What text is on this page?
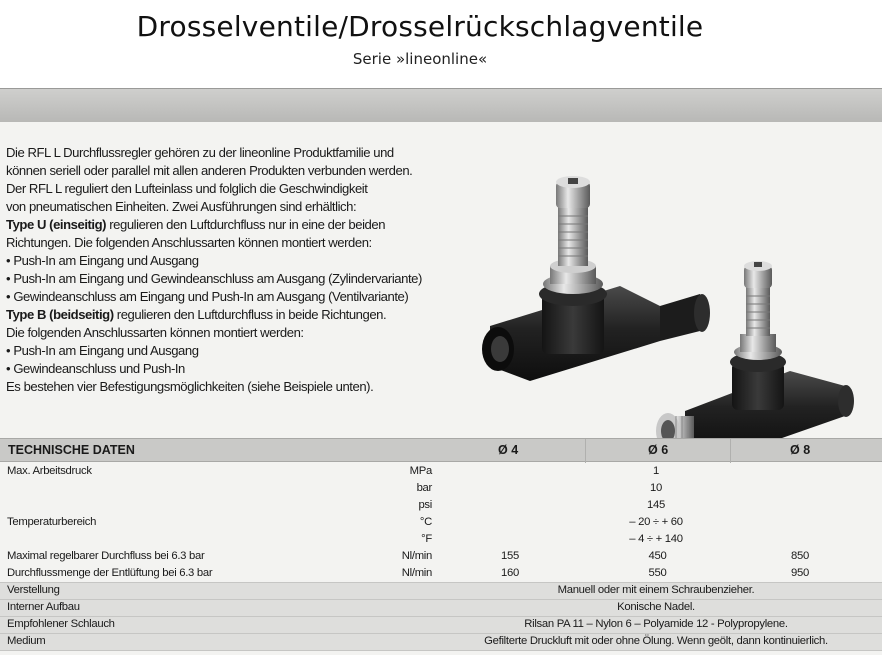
Drosselventile/Drosselrückschlagventile
Serie »lineonline«
Die RFL L Durchflussregler gehören zu der lineonline Produktfamilie und
können seriell oder parallel mit allen anderen Produkten verbunden werden.
Der RFL L reguliert den Lufteinlass und folglich die Geschwindigkeit
von pneumatischen Einheiten. Zwei Ausführungen sind erhältlich:
Type U (einseitig) regulieren den Luftdurchfluss nur in eine der beiden
Richtungen. Die folgenden Anschlussarten können montiert werden:
• Push-In am Eingang und Ausgang
• Push-In am Eingang und Gewindeanschluss am Ausgang (Zylindervariante)
• Gewindeanschluss am Eingang und Push-In am Ausgang (Ventilvariante)
Type B (beidseitig) regulieren den Luftdurchfluss in beide Richtungen.
Die folgenden Anschlussarten können montiert werden:
• Push-In am Eingang und Ausgang
• Gewindeanschluss und Push-In
Es bestehen vier Befestigungsmöglichkeiten (siehe Beispiele unten).
TECHNISCHE DATEN	Ø 4	Ø 6	Ø 8
Max. Arbeitsdruck	MPa	1
bar	10
psi	145
Temperaturbereich	°C	– 20 ÷ + 60
°F	– 4 ÷ + 140
Maximal regelbarer Durchfluss bei 6.3 bar	Nl/min	155	450	850
Durchflussmenge der Entlüftung bei 6.3 bar	Nl/min	160	550	950
Verstellung	Manuell oder mit einem Schraubenzieher.
Interner Aufbau	Konische Nadel.
Empfohlener Schlauch	Rilsan PA 11 – Nylon 6 – Polyamide 12 - Polypropylene.
Medium	Gefilterte Druckluft mit oder ohne Ölung. Wenn geölt, dann kontinuierlich.
